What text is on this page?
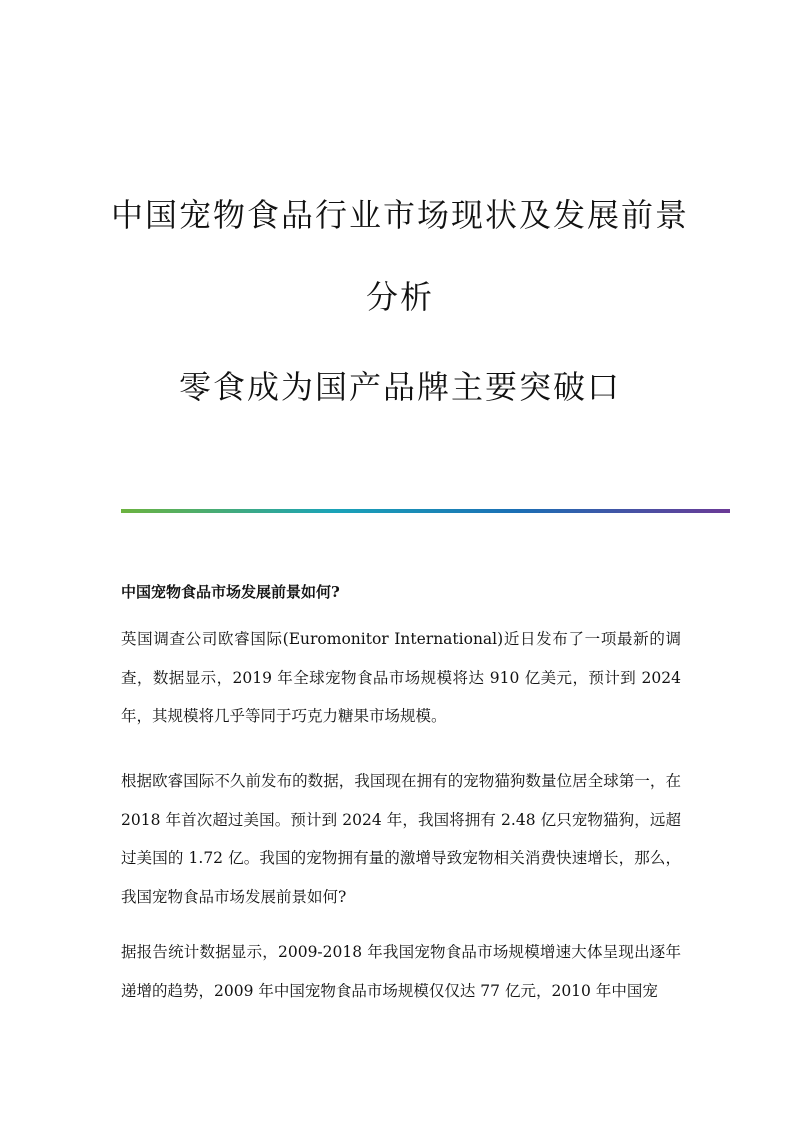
中国宠物食品行业市场现状及发展前景
分析
零食成为国产品牌主要突破口
中国宠物食品市场发展前景如何?
英国调查公司欧睿国际(Euromonitor International)近日发布了一项最新的调查，数据显示，2019 年全球宠物食品市场规模将达 910 亿美元，预计到 2024 年，其规模将几乎等同于巧克力糖果市场规模。
根据欧睿国际不久前发布的数据，我国现在拥有的宠物猫狗数量位居全球第一，在 2018 年首次超过美国。预计到 2024 年，我国将拥有 2.48 亿只宠物猫狗，远超过美国的 1.72 亿。我国的宠物拥有量的激增导致宠物相关消费快速增长，那么，我国宠物食品市场发展前景如何?
据报告统计数据显示，2009-2018 年我国宠物食品市场规模增速大体呈现出逐年递增的趋势，2009 年中国宠物食品市场规模仅仅达 77 亿元，2010 年中国宠
